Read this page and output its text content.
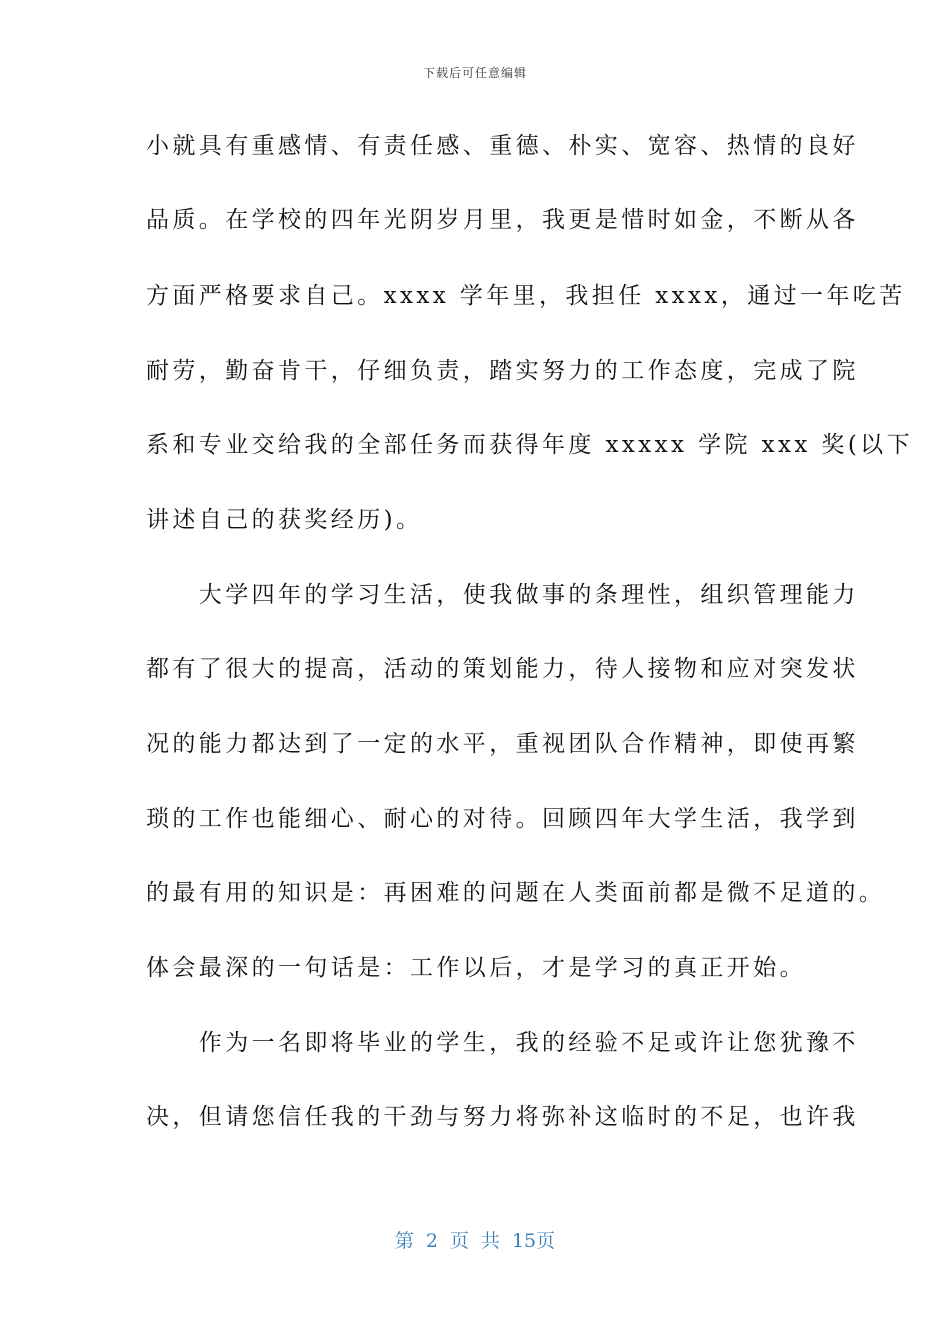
下载后可任意编辑
小就具有重感情、有责任感、重德、朴实、宽容、热情的良好
品质。在学校的四年光阴岁月里，我更是惜时如金，不断从各
方面严格要求自己。xxxx 学年里，我担任 xxxx，通过一年吃苦
耐劳，勤奋肯干，仔细负责，踏实努力的工作态度，完成了院
系和专业交给我的全部任务而获得年度 xxxxx 学院 xxx 奖(以下
讲述自己的获奖经历)。
　　大学四年的学习生活，使我做事的条理性，组织管理能力
都有了很大的提高，活动的策划能力，待人接物和应对突发状
况的能力都达到了一定的水平，重视团队合作精神，即使再繁
琐的工作也能细心、耐心的对待。回顾四年大学生活，我学到
的最有用的知识是：再困难的问题在人类面前都是微不足道的。
体会最深的一句话是：工作以后，才是学习的真正开始。
　　作为一名即将毕业的学生，我的经验不足或许让您犹豫不
决，但请您信任我的干劲与努力将弥补这临时的不足，也许我
第 2 页 共 15页
